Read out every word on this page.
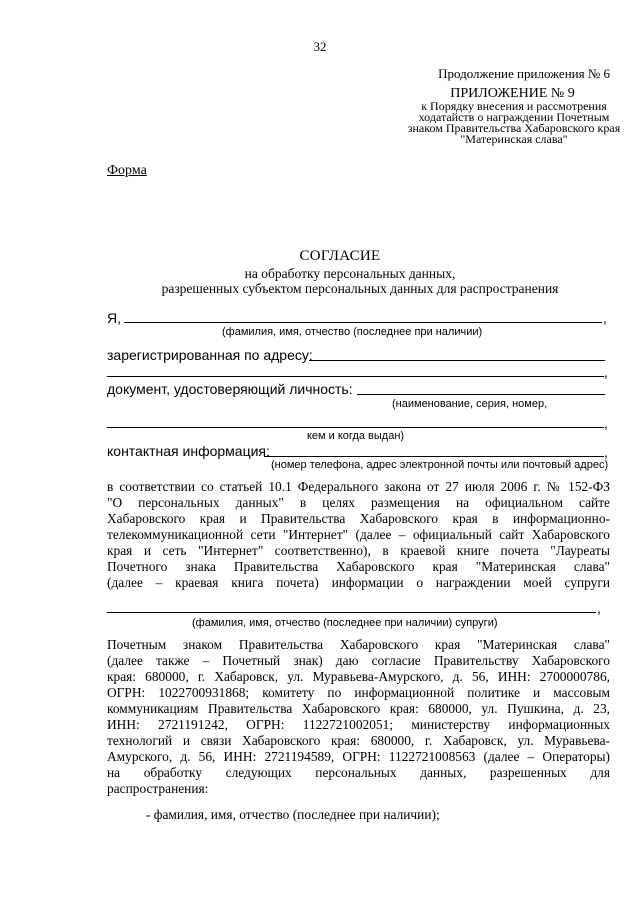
32
Продолжение приложения № 6
ПРИЛОЖЕНИЕ № 9
к Порядку внесения и рассмотрения
ходатайств о награждении Почетным
знаком Правительства Хабаровского края
"Материнская слава"
Форма
СОГЛАСИЕ
на обработку персональных данных,
разрешенных субъектом персональных данных для распространения
Я,	,
(фамилия, имя, отчество (последнее при наличии)
зарегистрированная по адресу:
,
документ, удостоверяющий личность:
(наименование, серия, номер,
,
кем и когда выдан)
контактная информация:	,
(номер телефона, адрес электронной почты или почтовый адрес)
в соответствии со статьей 10.1 Федерального закона от 27 июля 2006 г. № 152-ФЗ
"О персональных данных" в целях размещения на официальном сайте
Хабаровского края и Правительства Хабаровского края в информационно-
телекоммуникационной сети "Интернет" (далее – официальный сайт Хабаровского
края и сеть "Интернет" соответственно), в краевой книге почета "Лауреаты
Почетного знака Правительства Хабаровского края "Материнская слава"
(далее – краевая книга почета) информации о награждении моей супруги
,
(фамилия, имя, отчество (последнее при наличии) супруги)
Почетным знаком Правительства Хабаровского края "Материнская слава"
(далее также – Почетный знак) даю согласие Правительству Хабаровского
края: 680000, г. Хабаровск, ул. Муравьева-Амурского, д. 56, ИНН: 2700000786,
ОГРН: 1022700931868; комитету по информационной политике и массовым
коммуникациям Правительства Хабаровского края: 680000, ул. Пушкина, д. 23,
ИНН: 2721191242, ОГРН: 1122721002051; министерству информационных
технологий и связи Хабаровского края: 680000, г. Хабаровск, ул. Муравьева-
Амурского, д. 56, ИНН: 2721194589, ОГРН: 1122721008563 (далее – Операторы)
на обработку следующих персональных данных, разрешенных для
распространения:
- фамилия, имя, отчество (последнее при наличии);
